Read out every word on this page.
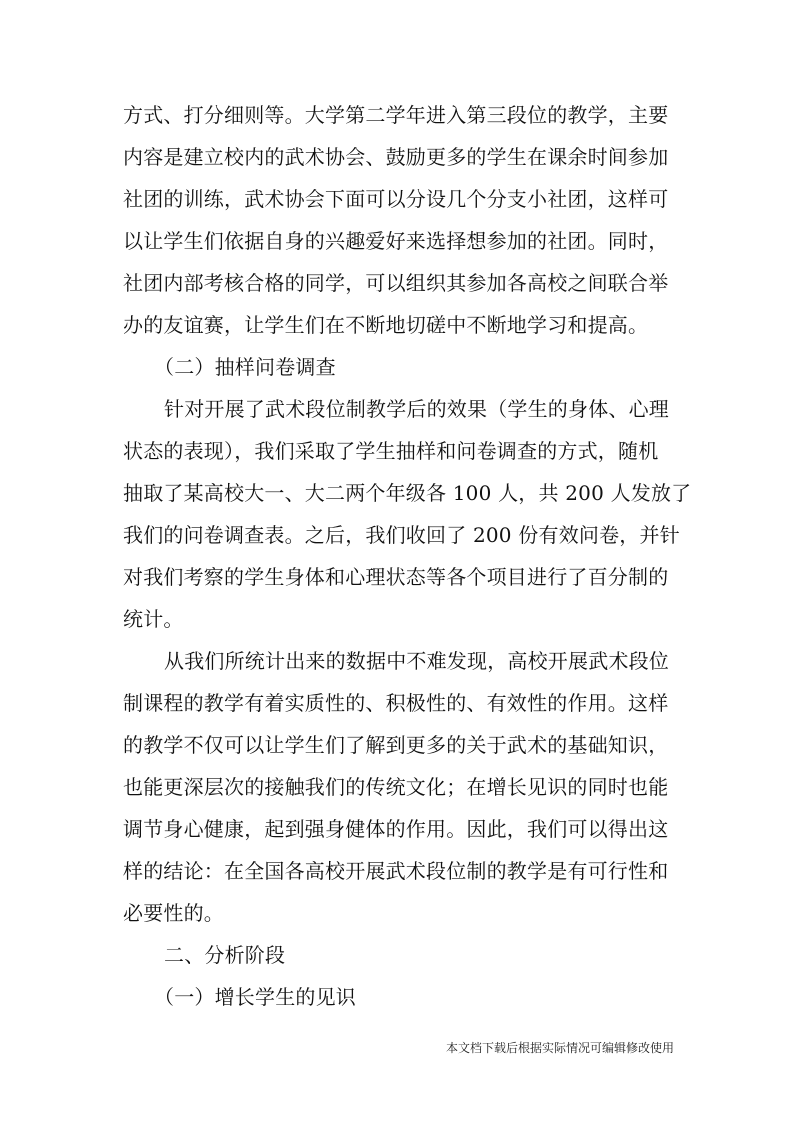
方式、打分细则等。大学第二学年进入第三段位的教学，主要
内容是建立校内的武术协会、鼓励更多的学生在课余时间参加
社团的训练，武术协会下面可以分设几个分支小社团，这样可
以让学生们依据自身的兴趣爱好来选择想参加的社团。同时，
社团内部考核合格的同学，可以组织其参加各高校之间联合举
办的友谊赛，让学生们在不断地切磋中不断地学习和提高。
（二）抽样问卷调查
针对开展了武术段位制教学后的效果（学生的身体、心理
状态的表现），我们采取了学生抽样和问卷调查的方式，随机
抽取了某高校大一、大二两个年级各 100 人，共 200 人发放了
我们的问卷调查表。之后，我们收回了 200 份有效问卷，并针
对我们考察的学生身体和心理状态等各个项目进行了百分制的
统计。
从我们所统计出来的数据中不难发现，高校开展武术段位
制课程的教学有着实质性的、积极性的、有效性的作用。这样
的教学不仅可以让学生们了解到更多的关于武术的基础知识，
也能更深层次的接触我们的传统文化；在增长见识的同时也能
调节身心健康，起到强身健体的作用。因此，我们可以得出这
样的结论：在全国各高校开展武术段位制的教学是有可行性和
必要性的。
二、分析阶段
（一）增长学生的见识
本文档下载后根据实际情况可编辑修改使用
